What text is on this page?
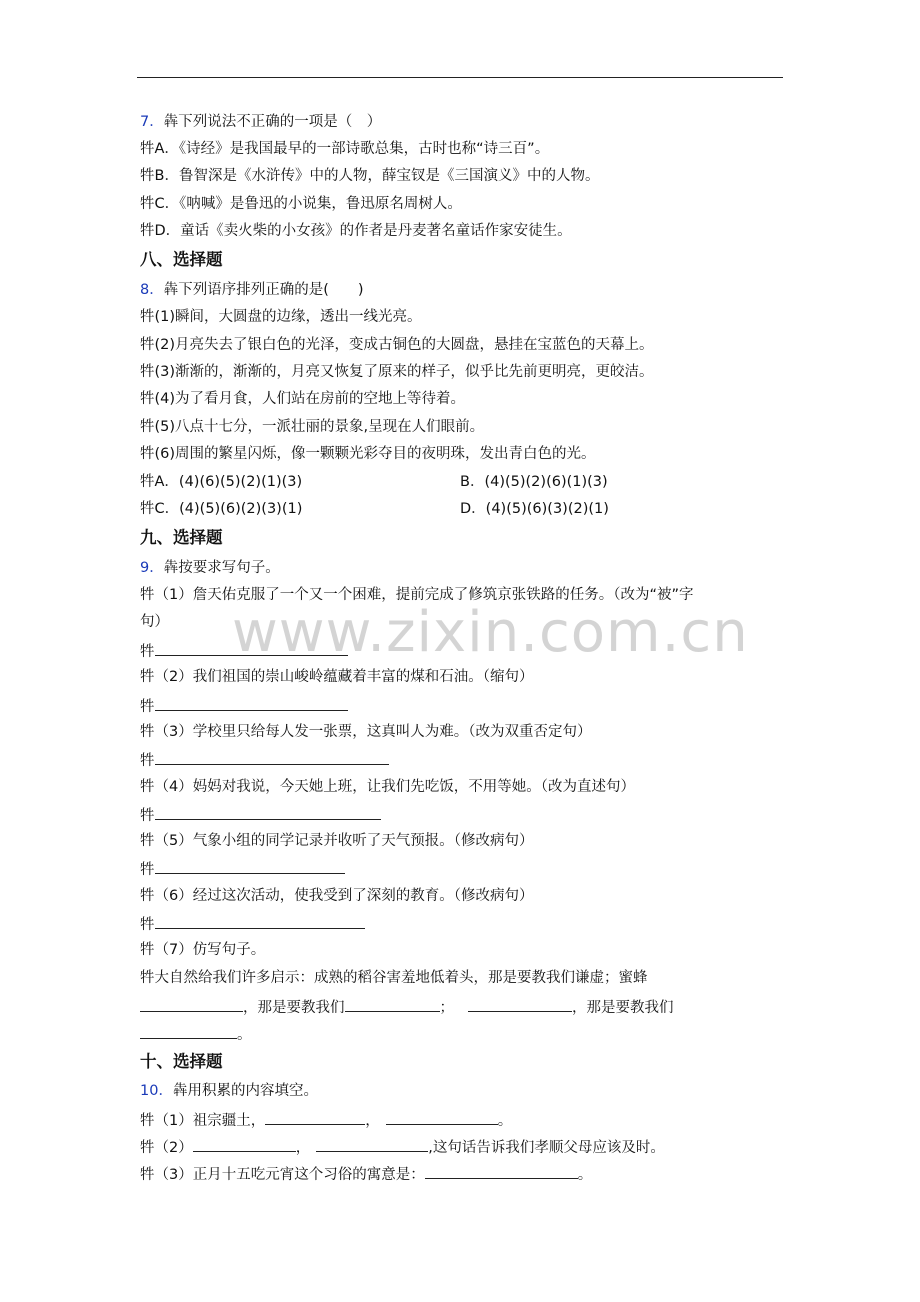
www.zixin.com.cn
7．犇下列说法不正确的一项是（　）
牪A．《诗经》是我国最早的一部诗歌总集，古时也称“诗三百”。
牪B．鲁智深是《水浒传》中的人物，薛宝钗是《三国演义》中的人物。
牪C．《呐喊》是鲁迅的小说集，鲁迅原名周树人。
牪D．童话《卖火柴的小女孩》的作者是丹麦著名童话作家安徒生。
八、选择题
8．犇下列语序排列正确的是(　　)
牪(1)瞬间，大圆盘的边缘，透出一线光亮。
牪(2)月亮失去了银白色的光泽，变成古铜色的大圆盘，悬挂在宝蓝色的天幕上。
牪(3)渐渐的，渐渐的，月亮又恢复了原来的样子，似乎比先前更明亮，更皎洁。
牪(4)为了看月食，人们站在房前的空地上等待着。
牪(5)八点十七分，一派壮丽的景象,呈现在人们眼前。
牪(6)周围的繁星闪烁，像一颗颗光彩夺目的夜明珠，发出青白色的光。
牪A．(4)(6)(5)(2)(1)(3)	B．(4)(5)(2)(6)(1)(3)
牪C．(4)(5)(6)(2)(3)(1)	D．(4)(5)(6)(3)(2)(1)
九、选择题
9．犇按要求写句子。
牪（1）詹天佑克服了一个又一个困难，提前完成了修筑京张铁路的任务。（改为“被”字
句）
牪
牪（2）我们祖国的崇山峻岭蕴藏着丰富的煤和石油。（缩句）
牪
牪（3）学校里只给每人发一张票，这真叫人为难。（改为双重否定句）
牪
牪（4）妈妈对我说，今天她上班，让我们先吃饭，不用等她。（改为直述句）
牪
牪（5）气象小组的同学记录并收听了天气预报。（修改病句）
牪
牪（6）经过这次活动，使我受到了深刻的教育。（修改病句）
牪
牪（7）仿写句子。
牪大自然给我们许多启示：成熟的稻谷害羞地低着头，那是要教我们谦虚；蜜蜂
，那是要教我们	；	，那是要教我们
。
十、选择题
10．犇用积累的内容填空。
牪（1）祖宗疆土，	，	。
牪（2）	，	,这句话告诉我们孝顺父母应该及时。
牪（3）正月十五吃元宵这个习俗的寓意是：	。
